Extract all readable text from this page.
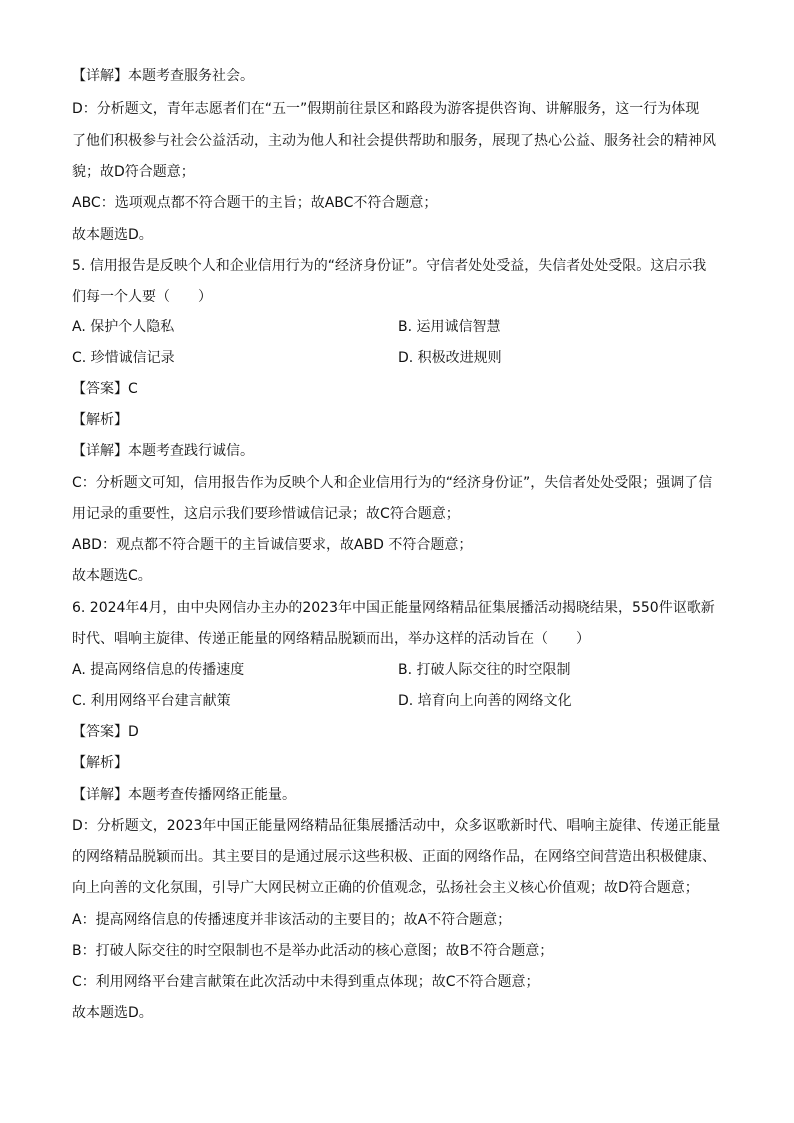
【详解】本题考查服务社会。
D：分析题文，青年志愿者们在“五一”假期前往景区和路段为游客提供咨询、讲解服务，这一行为体现
了他们积极参与社会公益活动，主动为他人和社会提供帮助和服务，展现了热心公益、服务社会的精神风
貌；故D符合题意；
ABC：选项观点都不符合题干的主旨；故ABC不符合题意；
故本题选D。
5. 信用报告是反映个人和企业信用行为的“经济身份证”。守信者处处受益，失信者处处受限。这启示我
们每一个人要（　　）
A. 保护个人隐私	B. 运用诚信智慧
C. 珍惜诚信记录	D. 积极改进规则
【答案】C
【解析】
【详解】本题考查践行诚信。
C：分析题文可知，信用报告作为反映个人和企业信用行为的“经济身份证”，失信者处处受限；强调了信
用记录的重要性，这启示我们要珍惜诚信记录；故C符合题意；
ABD：观点都不符合题干的主旨诚信要求，故ABD 不符合题意；
故本题选C。
6. 2024年4月，由中央网信办主办的2023年中国正能量网络精品征集展播活动揭晓结果，550件讴歌新
时代、唱响主旋律、传递正能量的网络精品脱颖而出，举办这样的活动旨在（　　）
A. 提高网络信息的传播速度	B. 打破人际交往的时空限制
C. 利用网络平台建言献策	D. 培育向上向善的网络文化
【答案】D
【解析】
【详解】本题考查传播网络正能量。
D：分析题文，2023年中国正能量网络精品征集展播活动中，众多讴歌新时代、唱响主旋律、传递正能量
的网络精品脱颖而出。其主要目的是通过展示这些积极、正面的网络作品，在网络空间营造出积极健康、
向上向善的文化氛围，引导广大网民树立正确的价值观念，弘扬社会主义核心价值观；故D符合题意；
A：提高网络信息的传播速度并非该活动的主要目的；故A不符合题意；
B：打破人际交往的时空限制也不是举办此活动的核心意图；故B不符合题意；
C：利用网络平台建言献策在此次活动中未得到重点体现；故C不符合题意；
故本题选D。
